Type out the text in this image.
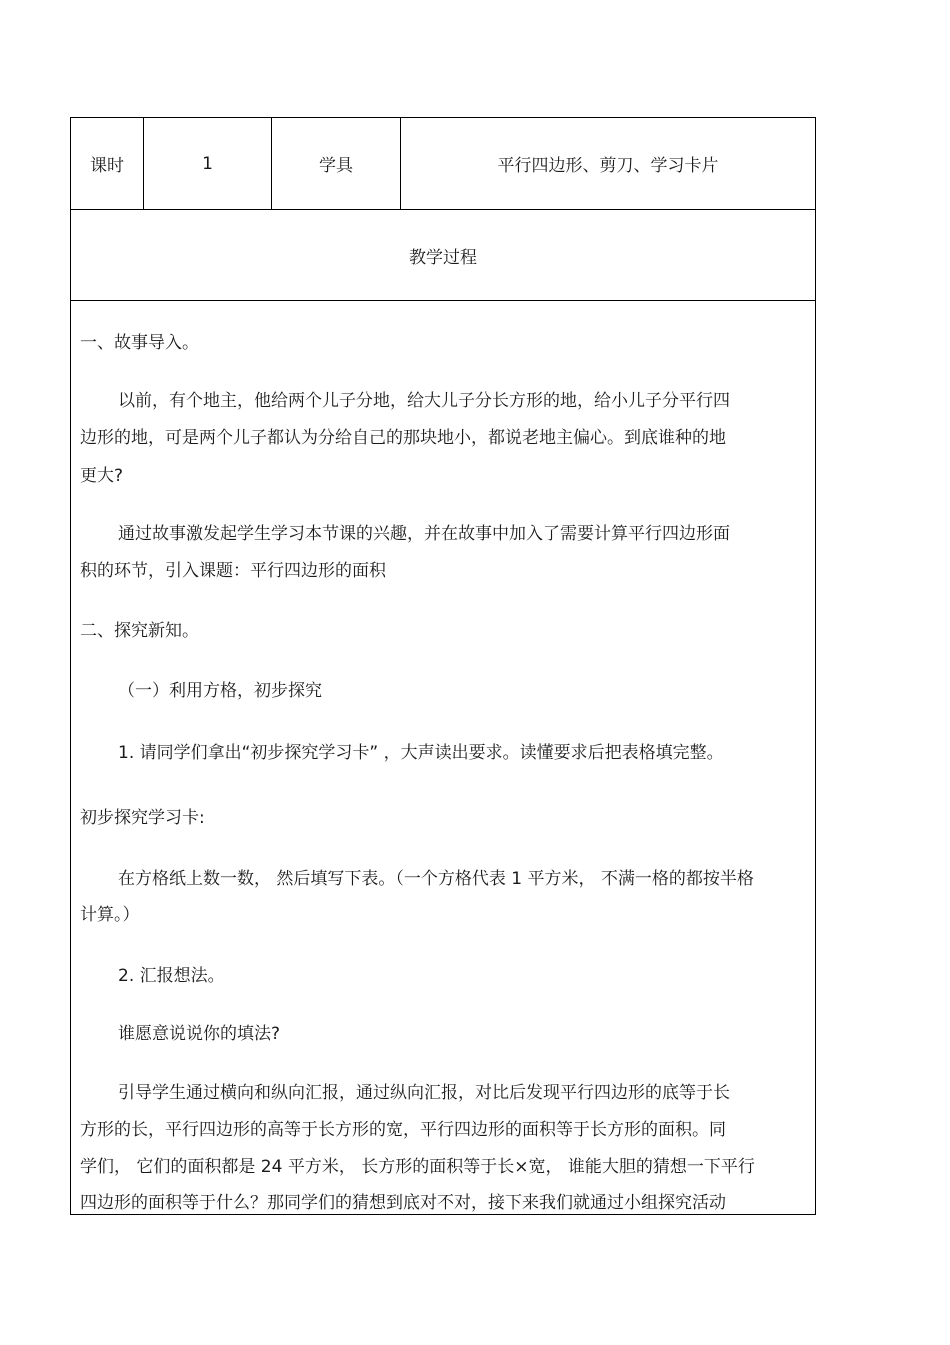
课时	1	学具	平行四边形、剪刀、学习卡片
教学过程
一、故事导入。
以前，有个地主，他给两个儿子分地，给大儿子分长方形的地，给小儿子分平行四
边形的地，可是两个儿子都认为分给自己的那块地小，都说老地主偏心。到底谁种的地
更大?
通过故事激发起学生学习本节课的兴趣，并在故事中加入了需要计算平行四边形面
积的环节，引入课题：平行四边形的面积
二、探究新知。
（一）利用方格，初步探究
1. 请同学们拿出“初步探究学习卡” ，大声读出要求。读懂要求后把表格填完整。
初步探究学习卡:
在方格纸上数一数， 然后填写下表。（一个方格代表 1 平方米， 不满一格的都按半格
计算。）
2. 汇报想法。
谁愿意说说你的填法?
引导学生通过横向和纵向汇报，通过纵向汇报，对比后发现平行四边形的底等于长
方形的长，平行四边形的高等于长方形的宽，平行四边形的面积等于长方形的面积。同
学们， 它们的面积都是 24 平方米， 长方形的面积等于长×宽， 谁能大胆的猜想一下平行
四边形的面积等于什么？那同学们的猜想到底对不对，接下来我们就通过小组探究活动
